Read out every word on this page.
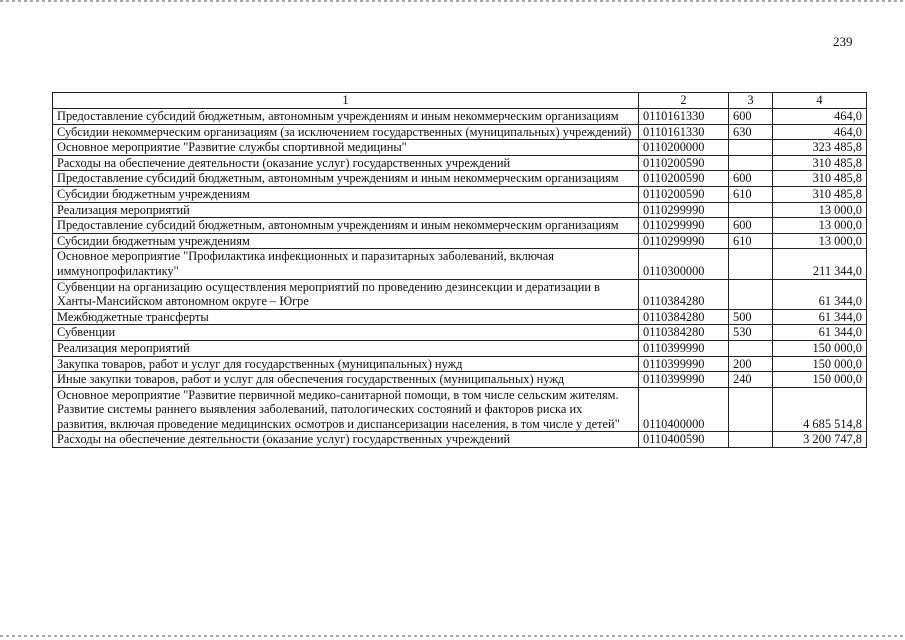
239
1	2	3	4
Предоставление субсидий бюджетным, автономным учреждениям и иным некоммерческим организациям	0110161330	600	464,0
Субсидии некоммерческим организациям (за исключением государственных (муниципальных) учреждений)	0110161330	630	464,0
Основное мероприятие "Развитие службы спортивной медицины"	0110200000		323 485,8
Расходы на обеспечение деятельности (оказание услуг) государственных учреждений	0110200590		310 485,8
Предоставление субсидий бюджетным, автономным учреждениям и иным некоммерческим организациям	0110200590	600	310 485,8
Субсидии бюджетным учреждениям	0110200590	610	310 485,8
Реализация мероприятий	0110299990		13 000,0
Предоставление субсидий бюджетным, автономным учреждениям и иным некоммерческим организациям	0110299990	600	13 000,0
Субсидии бюджетным учреждениям	0110299990	610	13 000,0
Основное мероприятие "Профилактика инфекционных и паразитарных заболеваний, включая иммунопрофилактику"	0110300000		211 344,0
Субвенции на организацию осуществления мероприятий по проведению дезинсекции и дератизации в Ханты-Мансийском автономном округе – Югре	0110384280		61 344,0
Межбюджетные трансферты	0110384280	500	61 344,0
Субвенции	0110384280	530	61 344,0
Реализация мероприятий	0110399990		150 000,0
Закупка товаров, работ и услуг для государственных (муниципальных) нужд	0110399990	200	150 000,0
Иные закупки товаров, работ и услуг для обеспечения государственных (муниципальных) нужд	0110399990	240	150 000,0
Основное мероприятие "Развитие первичной медико-санитарной помощи, в том числе сельским жителям. Развитие системы раннего выявления заболеваний, патологических состояний и факторов риска их развития, включая проведение медицинских осмотров и диспансеризации населения, в том числе у детей"	0110400000		4 685 514,8
Расходы на обеспечение деятельности (оказание услуг) государственных учреждений	0110400590		3 200 747,8
